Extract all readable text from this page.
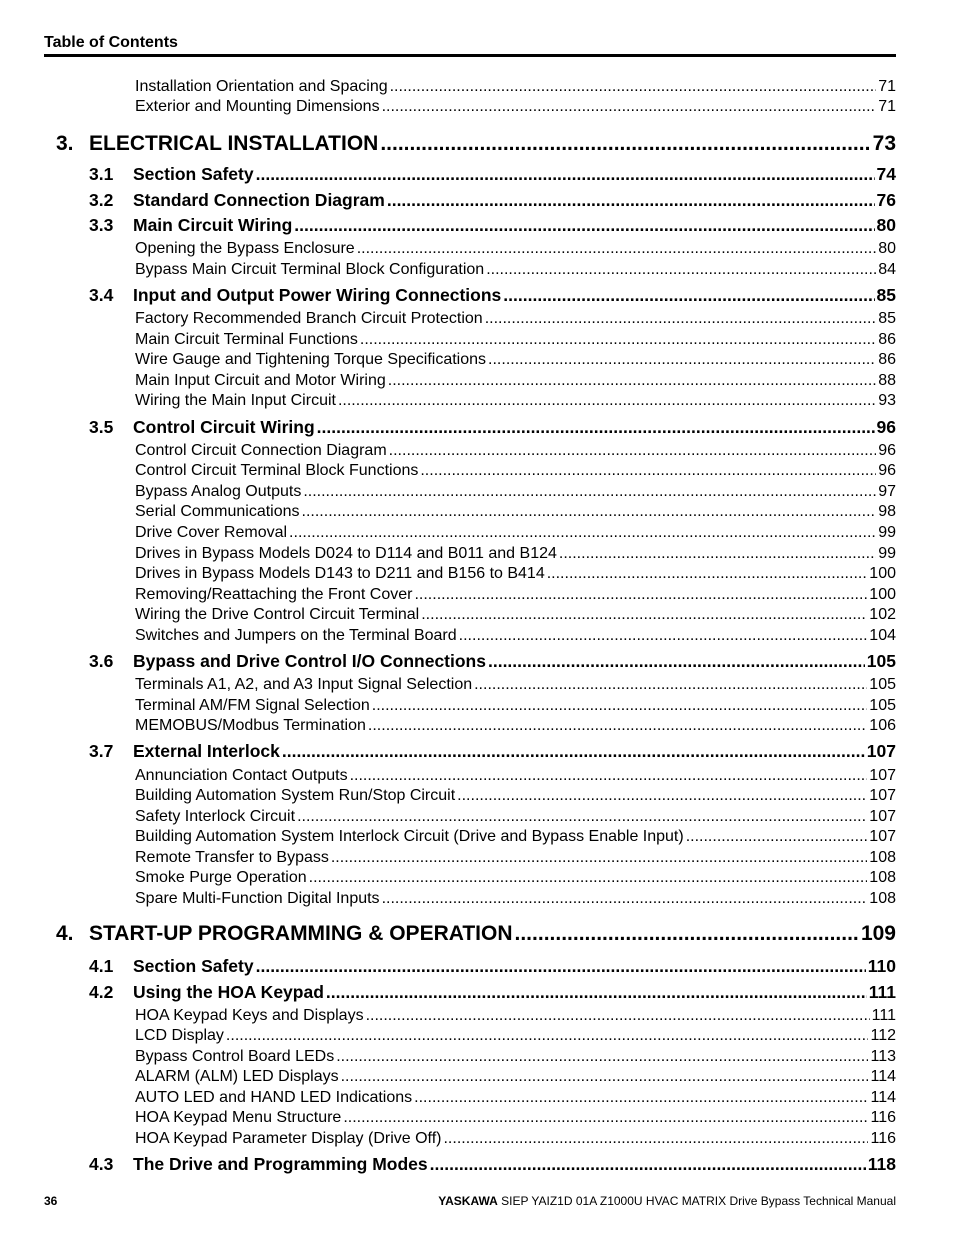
Table of Contents
Installation Orientation and Spacing .....	71
Exterior and Mounting Dimensions .....	71
3. ELECTRICAL INSTALLATION .....	73
3.1 Section Safety .....	74
3.2 Standard Connection Diagram .....	76
3.3 Main Circuit Wiring .....	80
Opening the Bypass Enclosure .....	80
Bypass Main Circuit Terminal Block Configuration .....	84
3.4 Input and Output Power Wiring Connections .....	85
Factory Recommended Branch Circuit Protection .....	85
Main Circuit Terminal Functions .....	86
Wire Gauge and Tightening Torque Specifications .....	86
Main Input Circuit and Motor Wiring .....	88
Wiring the Main Input Circuit .....	93
3.5 Control Circuit Wiring .....	96
Control Circuit Connection Diagram .....	96
Control Circuit Terminal Block Functions .....	96
Bypass Analog Outputs .....	97
Serial Communications .....	98
Drive Cover Removal .....	99
Drives in Bypass Models D024 to D114 and B011 and B124 .....	99
Drives in Bypass Models D143 to D211 and B156 to B414 .....	100
Removing/Reattaching the Front Cover .....	100
Wiring the Drive Control Circuit Terminal .....	102
Switches and Jumpers on the Terminal Board .....	104
3.6 Bypass and Drive Control I/O Connections .....	105
Terminals A1, A2, and A3 Input Signal Selection .....	105
Terminal AM/FM Signal Selection .....	105
MEMOBUS/Modbus Termination .....	106
3.7 External Interlock .....	107
Annunciation Contact Outputs .....	107
Building Automation System Run/Stop Circuit .....	107
Safety Interlock Circuit .....	107
Building Automation System Interlock Circuit (Drive and Bypass Enable Input) .....	107
Remote Transfer to Bypass .....	108
Smoke Purge Operation .....	108
Spare Multi-Function Digital Inputs .....	108
4. START-UP PROGRAMMING & OPERATION .....	109
4.1 Section Safety .....	110
4.2 Using the HOA Keypad .....	111
HOA Keypad Keys and Displays .....	111
LCD Display .....	112
Bypass Control Board LEDs .....	113
ALARM (ALM) LED Displays .....	114
AUTO LED and HAND LED Indications .....	114
HOA Keypad Menu Structure .....	116
HOA Keypad Parameter Display (Drive Off) .....	116
4.3 The Drive and Programming Modes .....	118
36	YASKAWA SIEP YAIZ1D 01A Z1000U HVAC MATRIX Drive Bypass Technical Manual
